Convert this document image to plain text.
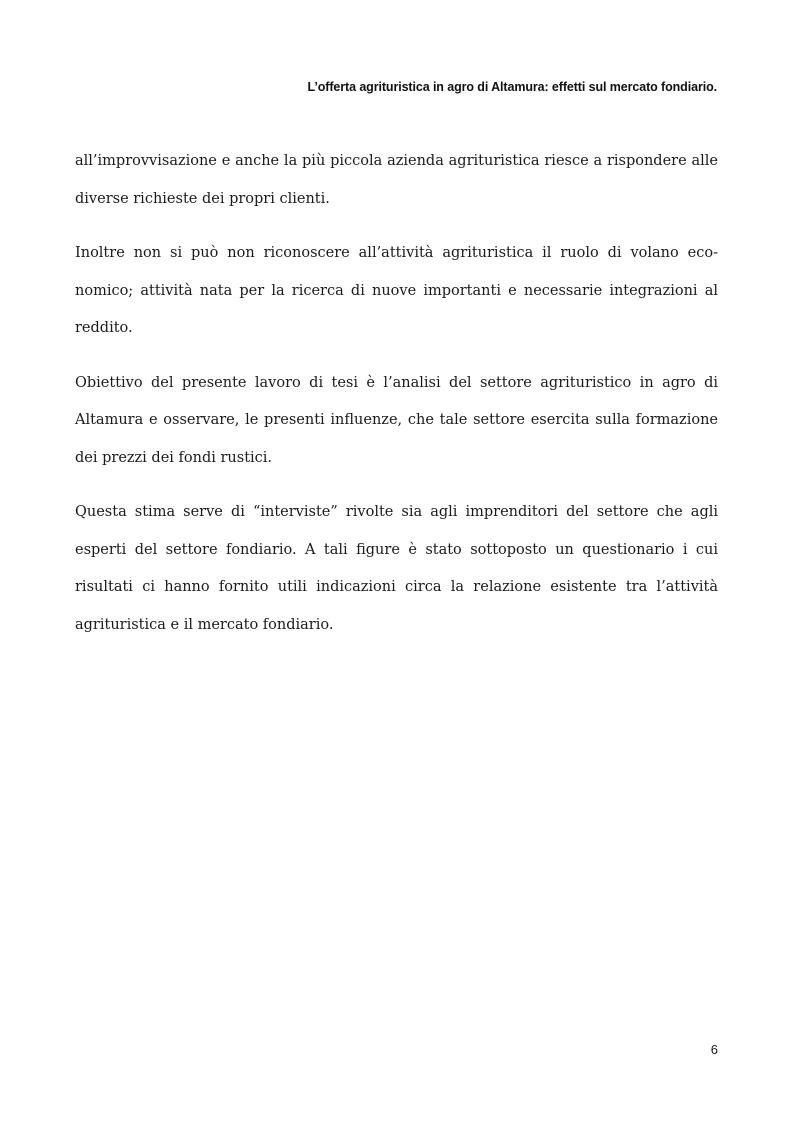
L’offerta agrituristica in agro di Altamura: effetti sul mercato fondiario.

all’improvvisazione e anche la più piccola azienda agrituristica riesce a rispondere alle diverse richieste dei propri clienti.

Inoltre non si può non riconoscere all’attività agrituristica il ruolo di volano economico; attività nata per la ricerca di nuove importanti e necessarie integrazioni al reddito.

Obiettivo del presente lavoro di tesi è l’analisi del settore agrituristico in agro di Altamura e osservare, le presenti influenze, che tale settore esercita sulla formazione dei prezzi dei fondi rustici.

Questa stima serve di “interviste” rivolte sia agli imprenditori del settore che agli esperti del settore fondiario. A tali figure è stato sottoposto un questionario i cui risultati ci hanno fornito utili indicazioni circa la relazione esistente tra l’attività agrituristica e il mercato fondiario.

6
